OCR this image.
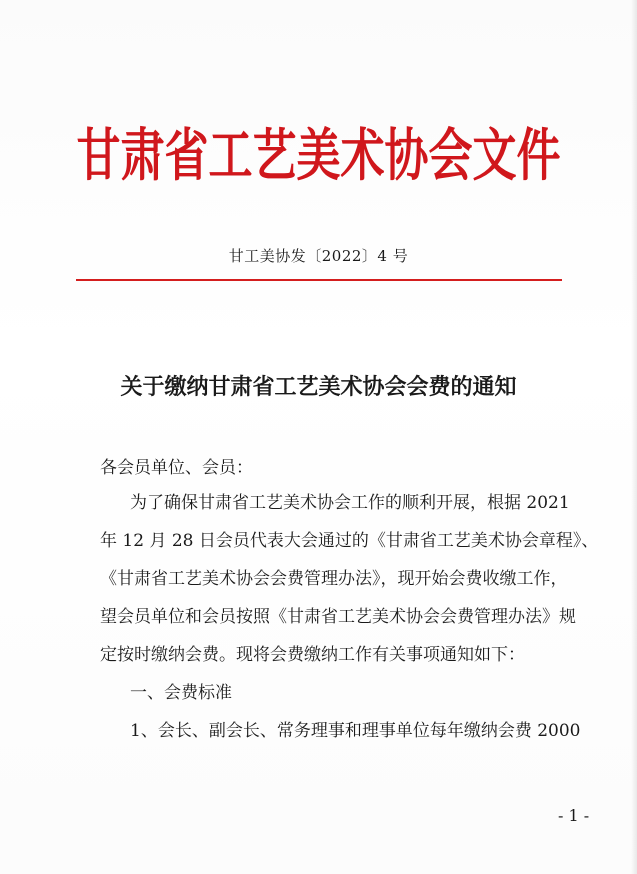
甘肃省工艺美术协会文件
甘工美协发〔2022〕4 号
关于缴纳甘肃省工艺美术协会会费的通知
各会员单位、会员：
为了确保甘肃省工艺美术协会工作的顺利开展，根据 2021
年 12 月 28 日会员代表大会通过的《甘肃省工艺美术协会章程》、
《甘肃省工艺美术协会会费管理办法》，现开始会费收缴工作，
望会员单位和会员按照《甘肃省工艺美术协会会费管理办法》规
定按时缴纳会费。现将会费缴纳工作有关事项通知如下：
一、会费标准
1、会长、副会长、常务理事和理事单位每年缴纳会费 2000
- 1 -
